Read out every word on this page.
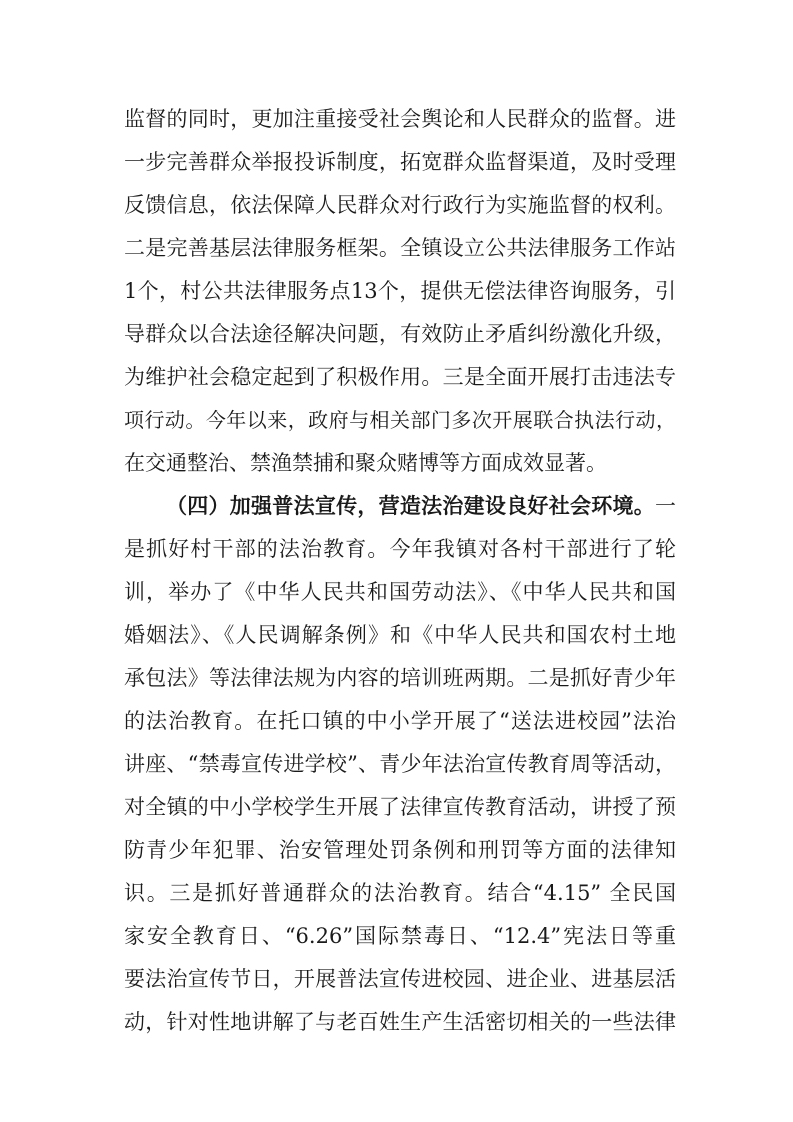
监督的同时，更加注重接受社会舆论和人民群众的监督。进
一步完善群众举报投诉制度，拓宽群众监督渠道，及时受理
反馈信息，依法保障人民群众对行政行为实施监督的权利。
二是完善基层法律服务框架。全镇设立公共法律服务工作站
1个，村公共法律服务点13个，提供无偿法律咨询服务，引
导群众以合法途径解决问题，有效防止矛盾纠纷激化升级，
为维护社会稳定起到了积极作用。三是全面开展打击违法专
项行动。今年以来，政府与相关部门多次开展联合执法行动，
在交通整治、禁渔禁捕和聚众赌博等方面成效显著。
（四）加强普法宣传，营造法治建设良好社会环境。一
是抓好村干部的法治教育。今年我镇对各村干部进行了轮
训，举办了《中华人民共和国劳动法》、《中华人民共和国
婚姻法》、《人民调解条例》和《中华人民共和国农村土地
承包法》等法律法规为内容的培训班两期。二是抓好青少年
的法治教育。在托口镇的中小学开展了“送法进校园”法治
讲座、“禁毒宣传进学校”、青少年法治宣传教育周等活动，
对全镇的中小学校学生开展了法律宣传教育活动，讲授了预
防青少年犯罪、治安管理处罚条例和刑罚等方面的法律知
识。三是抓好普通群众的法治教育。结合“4.15” 全民国
家安全教育日、“6.26”国际禁毒日、“12.4”宪法日等重
要法治宣传节日，开展普法宣传进校园、进企业、进基层活
动，针对性地讲解了与老百姓生产生活密切相关的一些法律
